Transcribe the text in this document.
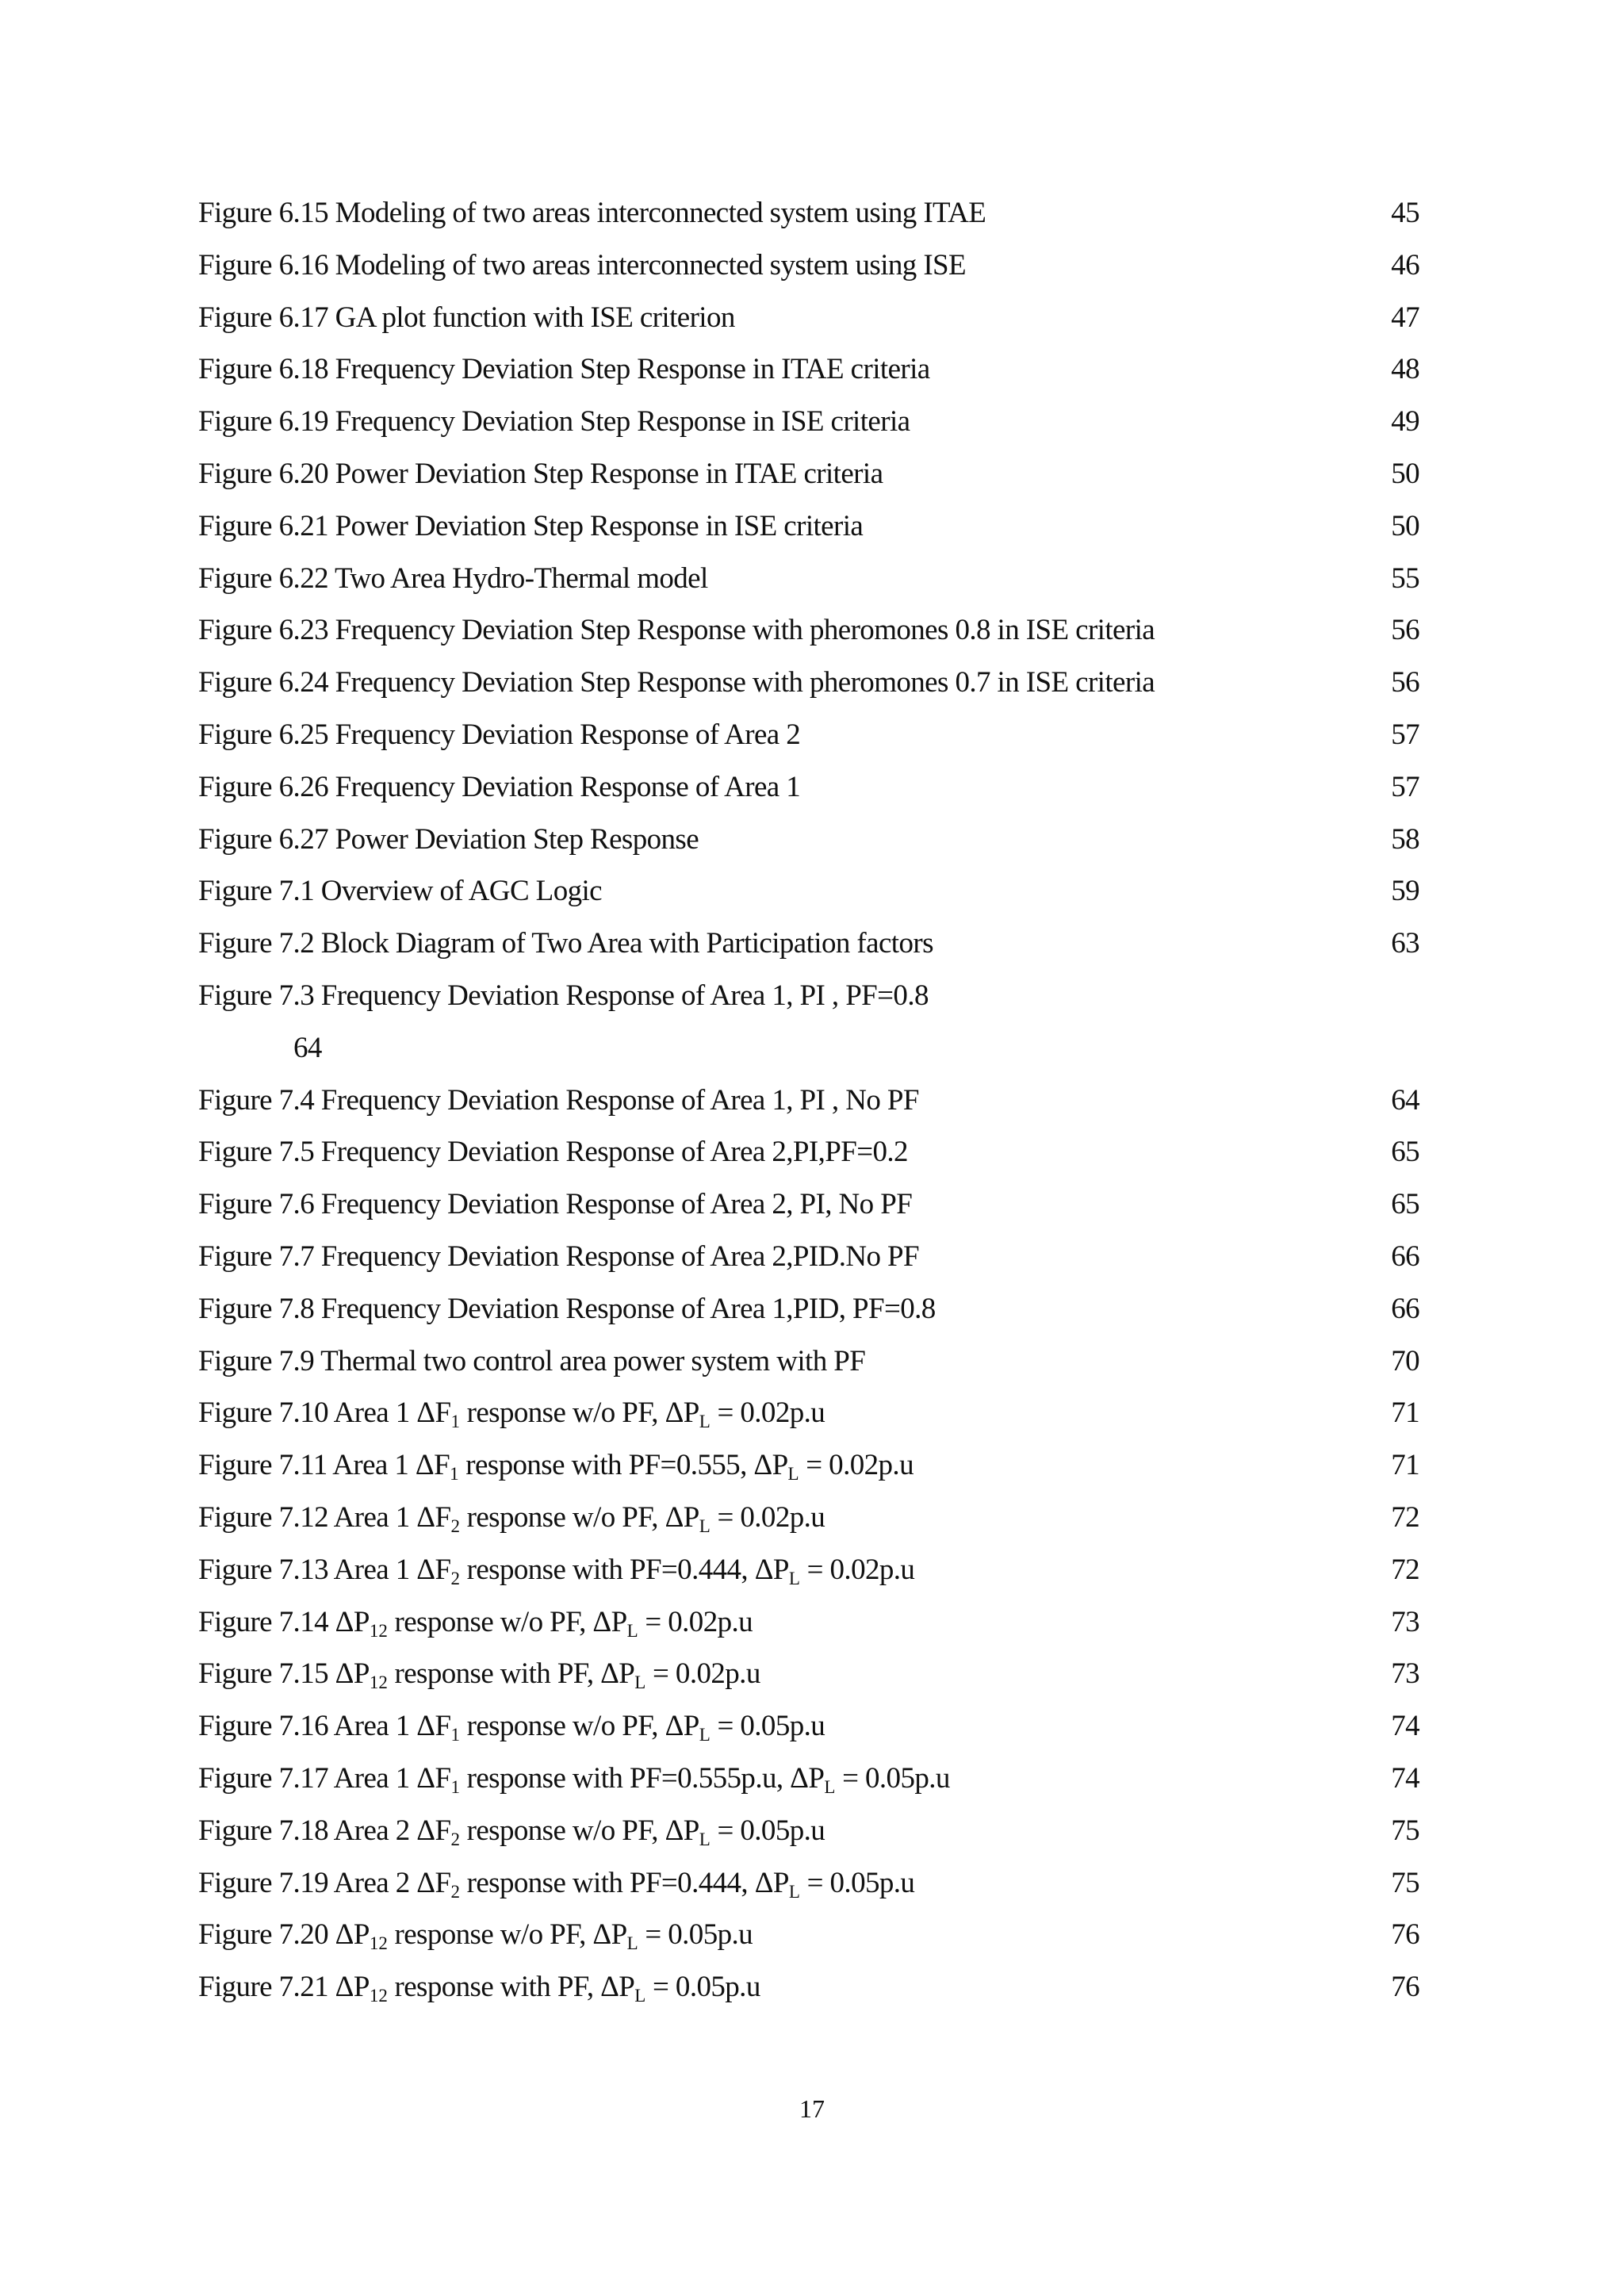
Figure 6.15 Modeling of two areas interconnected system using ITAE	45
Figure 6.16 Modeling of two areas interconnected system using ISE	46
Figure 6.17 GA plot function with ISE criterion	47
Figure 6.18 Frequency Deviation Step Response in ITAE criteria	48
Figure 6.19 Frequency Deviation Step Response in ISE criteria	49
Figure 6.20 Power Deviation Step Response in ITAE criteria	50
Figure 6.21 Power Deviation Step Response in ISE criteria	50
Figure 6.22 Two Area Hydro-Thermal model	55
Figure 6.23 Frequency Deviation Step Response with pheromones 0.8 in ISE criteria	56
Figure 6.24 Frequency Deviation Step Response with pheromones 0.7 in ISE criteria	56
Figure 6.25 Frequency Deviation Response of Area 2	57
Figure 6.26 Frequency Deviation Response of Area 1	57
Figure 6.27 Power Deviation Step Response	58
Figure 7.1 Overview of AGC Logic	59
Figure 7.2 Block Diagram of Two Area with Participation factors	63
Figure 7.3 Frequency Deviation Response of Area 1, PI , PF=0.8
64
Figure 7.4 Frequency Deviation Response of Area 1, PI , No PF	64
Figure 7.5 Frequency Deviation Response of Area 2,PI,PF=0.2	65
Figure 7.6 Frequency Deviation Response of Area 2, PI, No PF	65
Figure 7.7 Frequency Deviation Response of Area 2,PID.No PF	66
Figure 7.8 Frequency Deviation Response of Area 1,PID, PF=0.8	66
Figure 7.9 Thermal two control area power system with PF	70
Figure 7.10 Area 1 $\Delta F_1$ response w/o PF, $\Delta P_L = 0.02p.u$	71
Figure 7.11 Area 1 $\Delta F_1$ response with PF=0.555, $\Delta P_L = 0.02p.u$	71
Figure 7.12 Area 1 $\Delta F_2$ response w/o PF, $\Delta P_L = 0.02p.u$	72
Figure 7.13 Area 1 $\Delta F_2$ response with PF=0.444, $\Delta P_L = 0.02p.u$	72
Figure 7.14 $\Delta P_{12}$ response w/o PF, $\Delta P_L = 0.02p.u$	73
Figure 7.15 $\Delta P_{12}$ response with PF, $\Delta P_L = 0.02p.u$	73
Figure 7.16 Area 1 $\Delta F_1$ response w/o PF, $\Delta P_L = 0.05p.u$	74
Figure 7.17 Area 1 $\Delta F_1$ response with PF=0.555p.u, $\Delta P_L = 0.05p.u$	74
Figure 7.18 Area 2 $\Delta F_2$ response w/o PF, $\Delta P_L = 0.05p.u$	75
Figure 7.19 Area 2 $\Delta F_2$ response with PF=0.444, $\Delta P_L = 0.05p.u$	75
Figure 7.20 $\Delta P_{12}$ response w/o PF, $\Delta P_L = 0.05p.u$	76
Figure 7.21 $\Delta P_{12}$ response with PF, $\Delta P_L = 0.05p.u$	76
17
